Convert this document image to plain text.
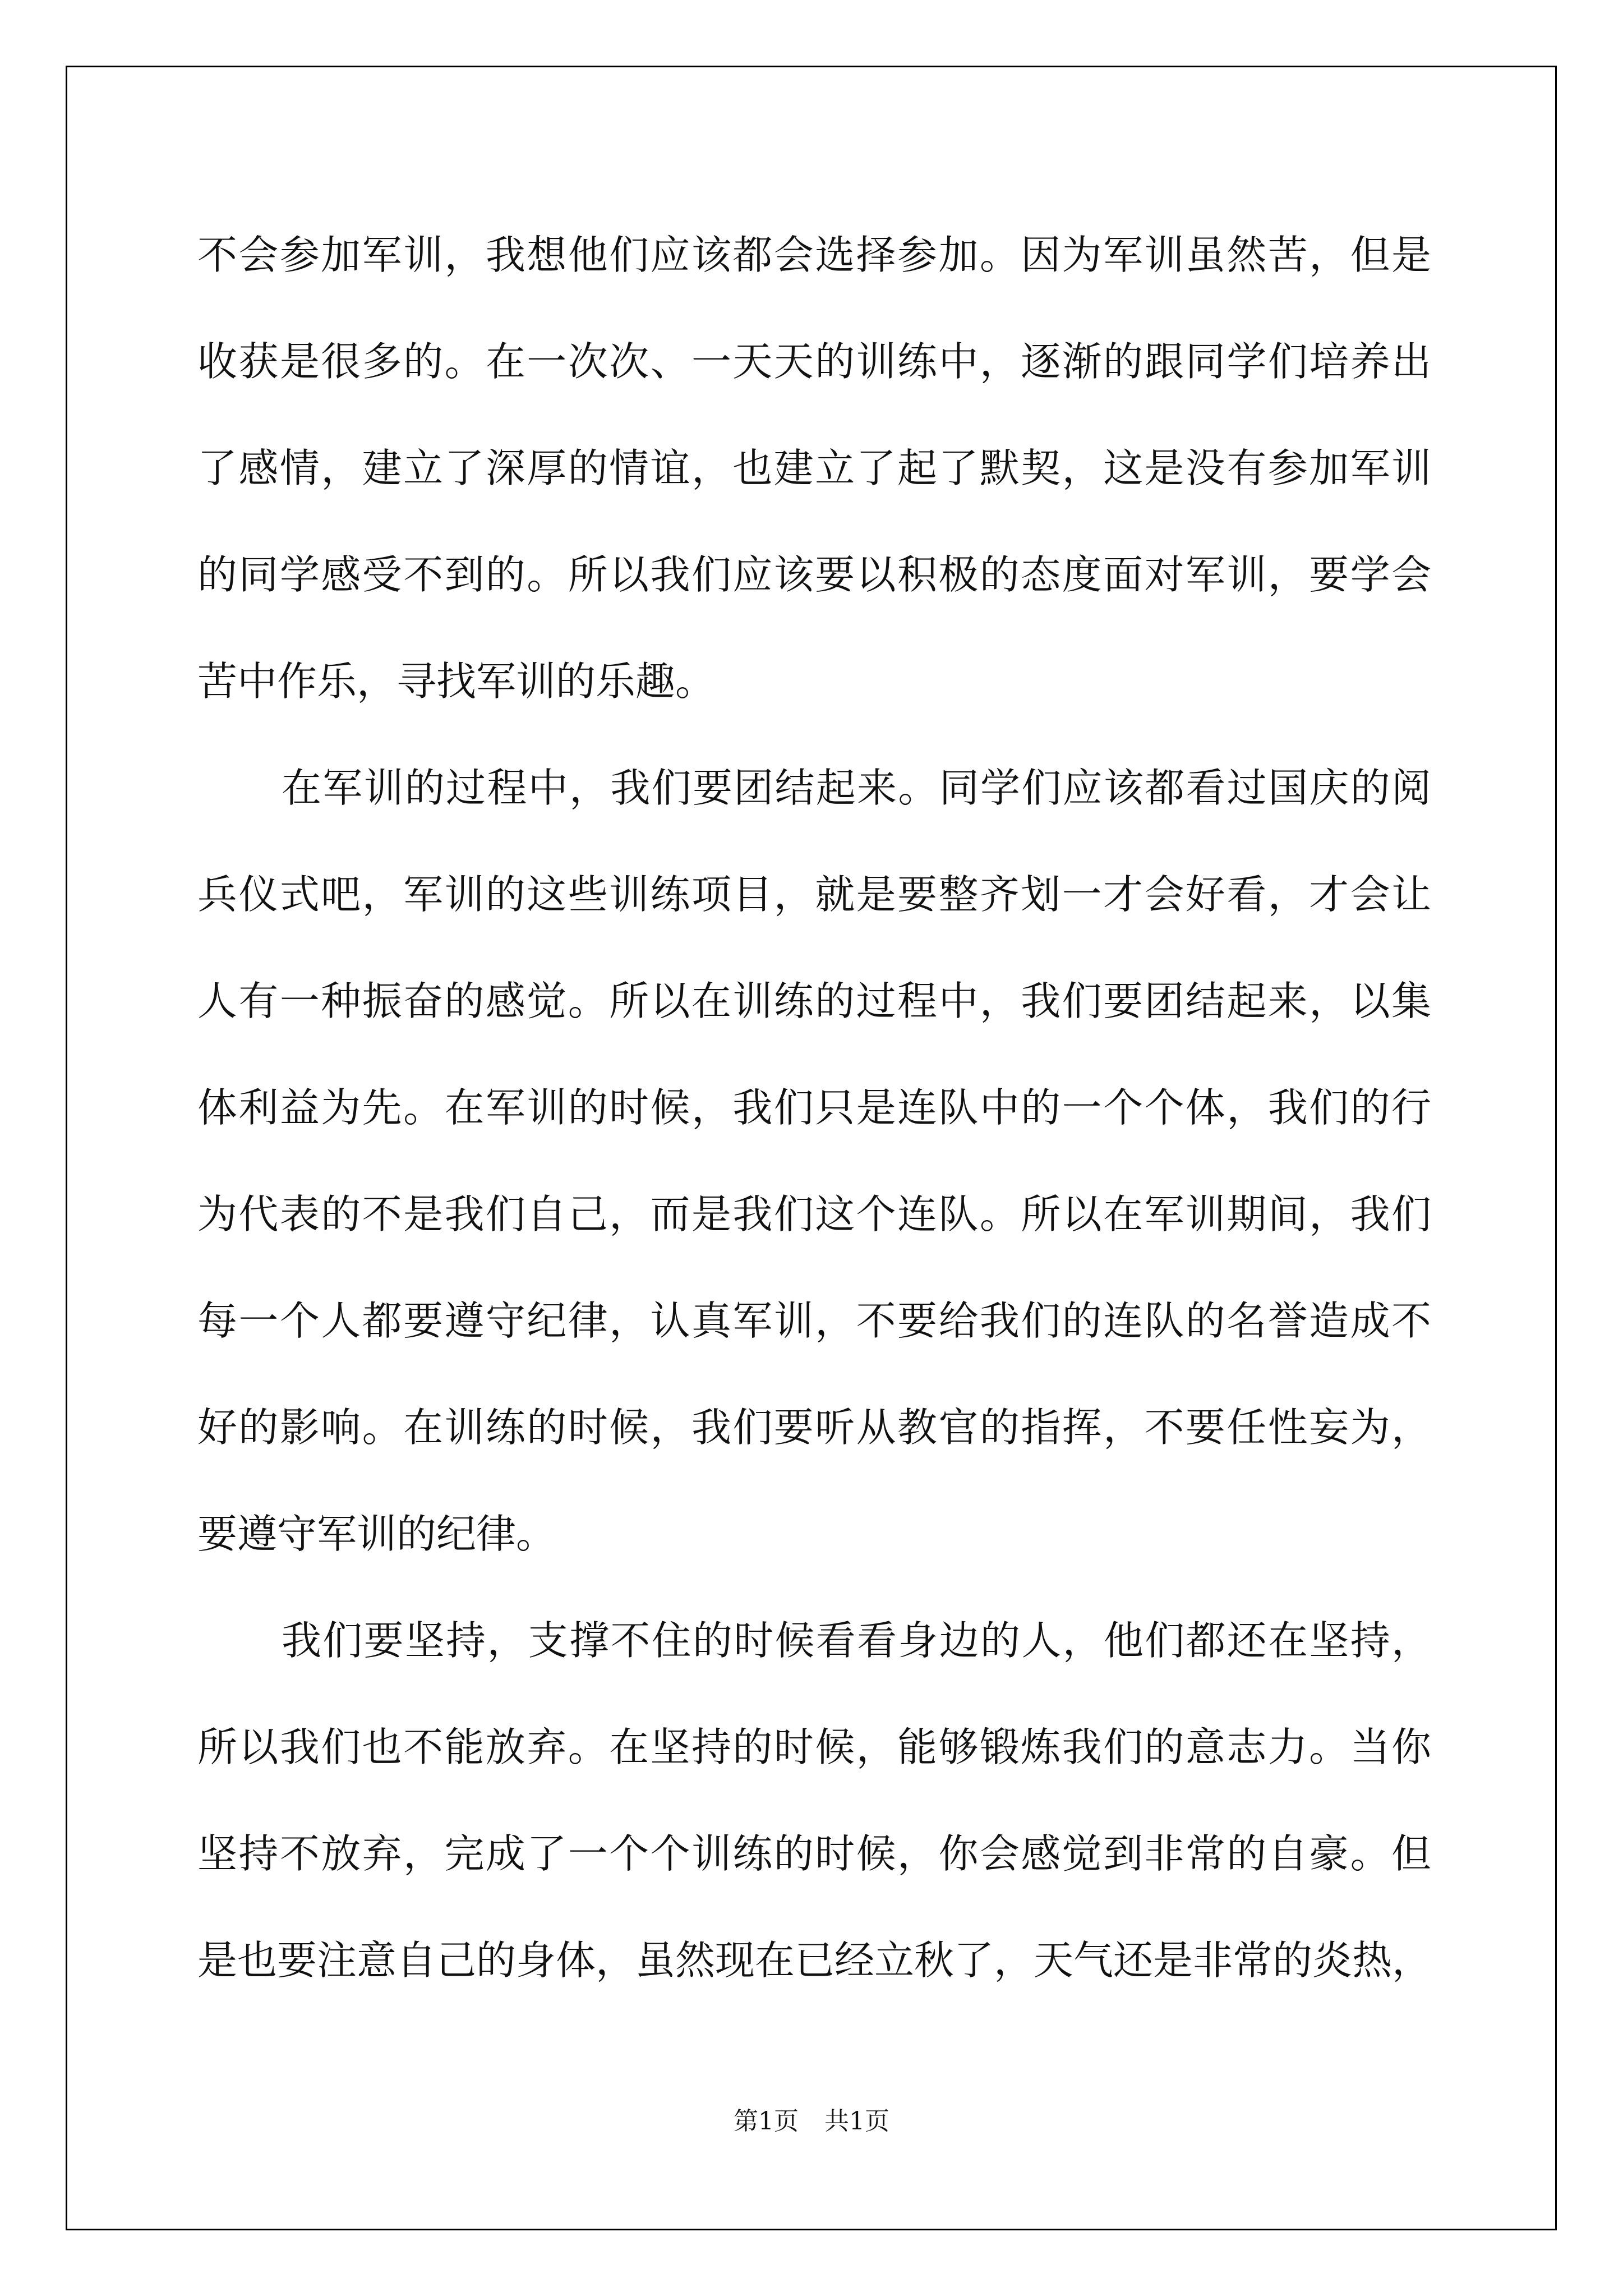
不会参加军训，我想他们应该都会选择参加。因为军训虽然苦，但是
收获是很多的。在一次次、一天天的训练中，逐渐的跟同学们培养出
了感情，建立了深厚的情谊，也建立了起了默契，这是没有参加军训
的同学感受不到的。所以我们应该要以积极的态度面对军训，要学会
苦中作乐，寻找军训的乐趣。
在军训的过程中，我们要团结起来。同学们应该都看过国庆的阅
兵仪式吧，军训的这些训练项目，就是要整齐划一才会好看，才会让
人有一种振奋的感觉。所以在训练的过程中，我们要团结起来，以集
体利益为先。在军训的时候，我们只是连队中的一个个体，我们的行
为代表的不是我们自己，而是我们这个连队。所以在军训期间，我们
每一个人都要遵守纪律，认真军训，不要给我们的连队的名誉造成不
好的影响。在训练的时候，我们要听从教官的指挥，不要任性妄为，
要遵守军训的纪律。
我们要坚持，支撑不住的时候看看身边的人，他们都还在坚持，
所以我们也不能放弃。在坚持的时候，能够锻炼我们的意志力。当你
坚持不放弃，完成了一个个训练的时候，你会感觉到非常的自豪。但
是也要注意自己的身体，虽然现在已经立秋了，天气还是非常的炎热，
第1页 共1页
